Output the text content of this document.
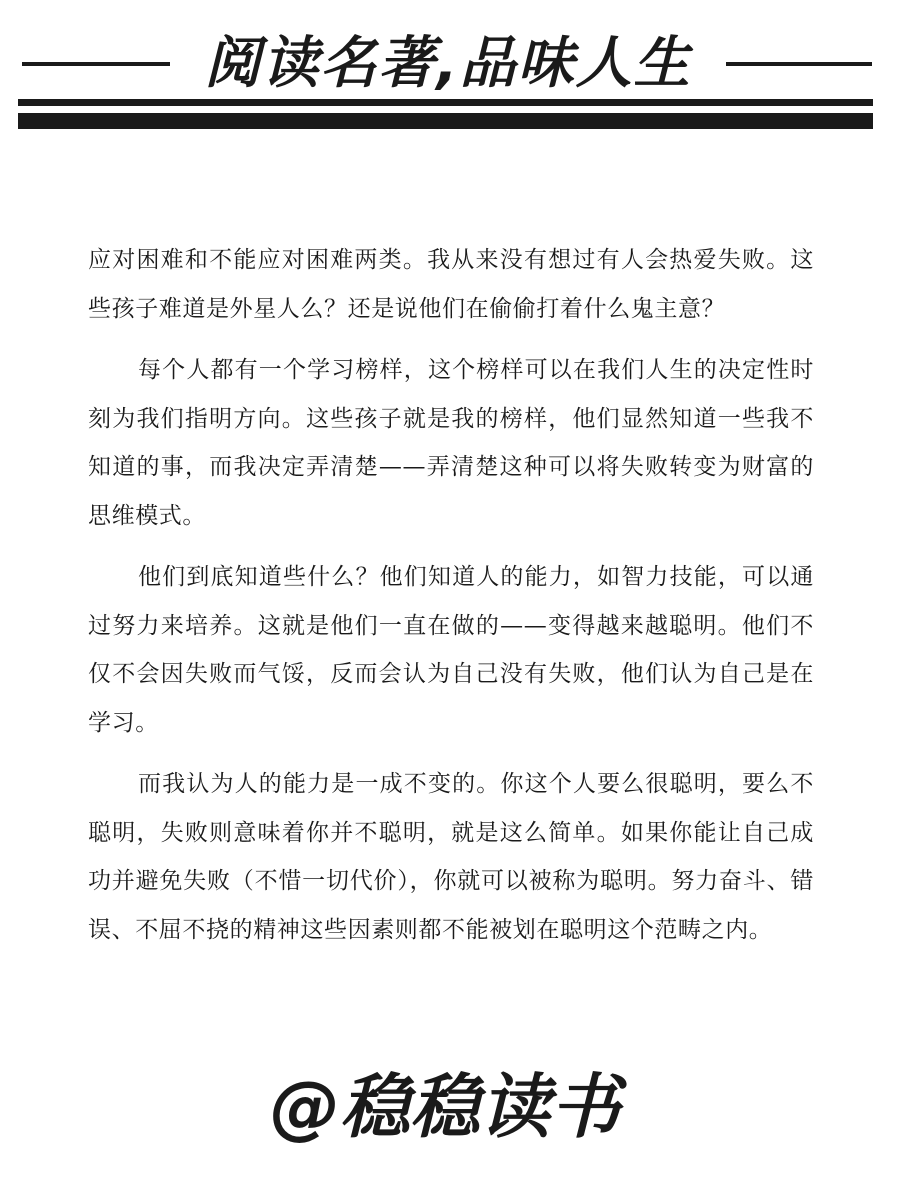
阅读名著,品味人生

应对困难和不能应对困难两类。我从来没有想过有人会热爱失败。这些孩子难道是外星人么？还是说他们在偷偷打着什么鬼主意？

每个人都有一个学习榜样，这个榜样可以在我们人生的决定性时刻为我们指明方向。这些孩子就是我的榜样，他们显然知道一些我不知道的事，而我决定弄清楚——弄清楚这种可以将失败转变为财富的思维模式。

他们到底知道些什么？他们知道人的能力，如智力技能，可以通过努力来培养。这就是他们一直在做的——变得越来越聪明。他们不仅不会因失败而气馁，反而会认为自己没有失败，他们认为自己是在学习。

而我认为人的能力是一成不变的。你这个人要么很聪明，要么不聪明，失败则意味着你并不聪明，就是这么简单。如果你能让自己成功并避免失败（不惜一切代价），你就可以被称为聪明。努力奋斗、错误、不屈不挠的精神这些因素则都不能被划在聪明这个范畴之内。

@稳稳读书
